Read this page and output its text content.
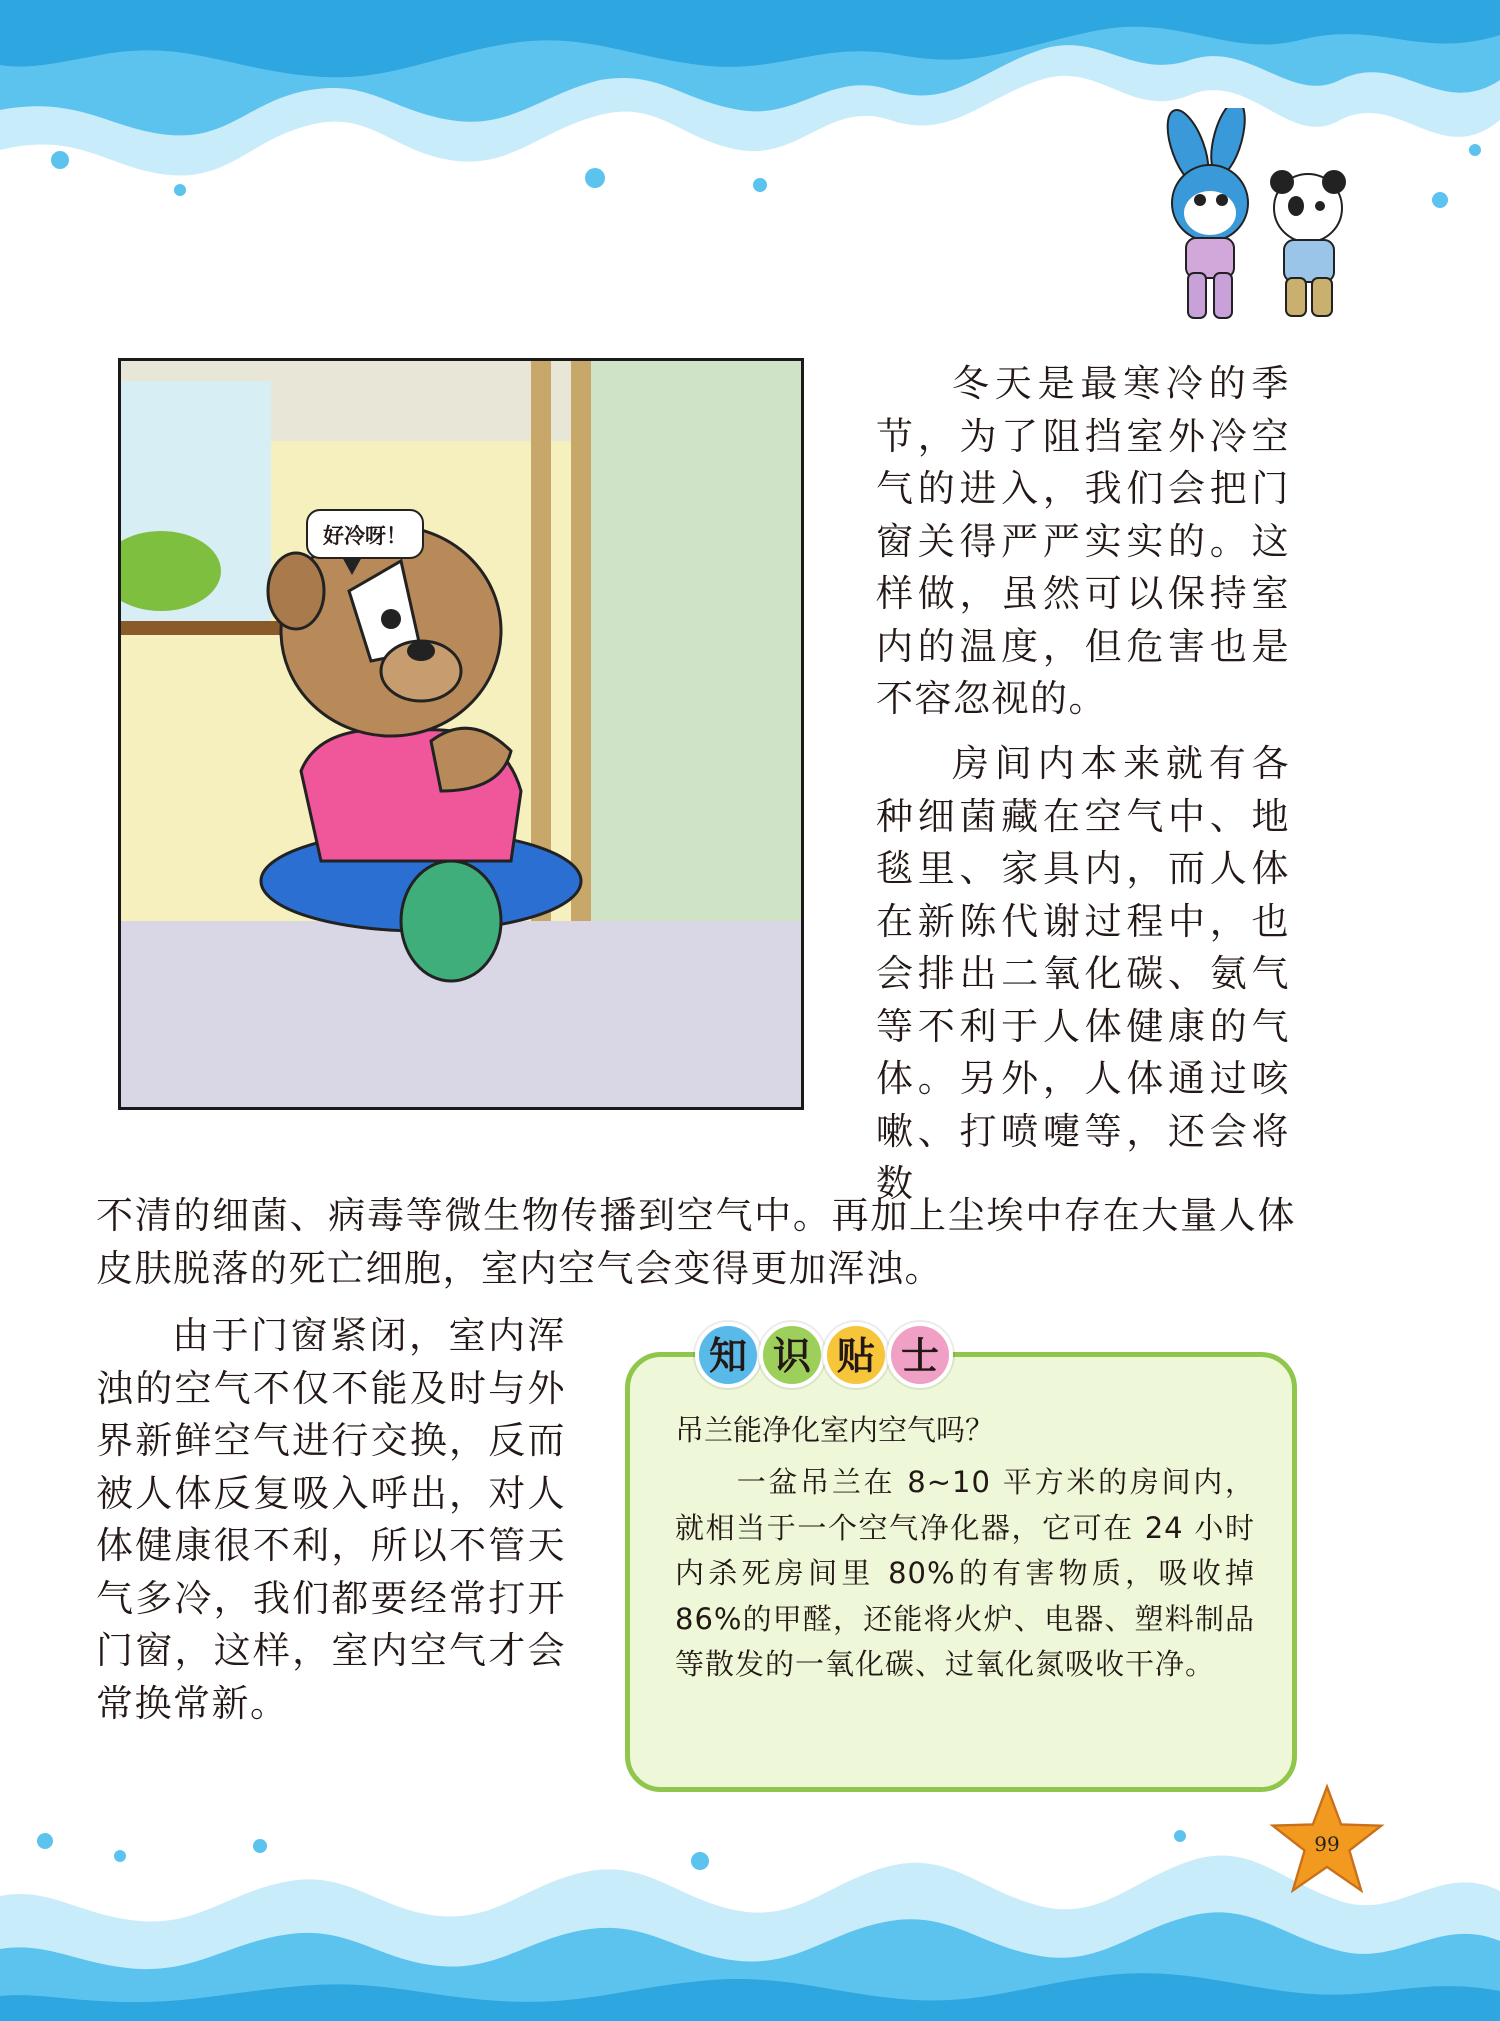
好冷呀！
冬天是最寒冷的季节，为了阻挡室外冷空气的进入，我们会把门窗关得严严实实的。这样做，虽然可以保持室内的温度，但危害也是不容忽视的。
房间内本来就有各种细菌藏在空气中、地毯里、家具内，而人体在新陈代谢过程中，也会排出二氧化碳、氨气等不利于人体健康的气体。另外，人体通过咳嗽、打喷嚏等，还会将数
不清的细菌、病毒等微生物传播到空气中。再加上尘埃中存在大量人体皮肤脱落的死亡细胞，室内空气会变得更加浑浊。
由于门窗紧闭，室内浑浊的空气不仅不能及时与外界新鲜空气进行交换，反而被人体反复吸入呼出，对人体健康很不利，所以不管天气多冷，我们都要经常打开门窗，这样，室内空气才会常换常新。
知 识 贴 士
吊兰能净化室内空气吗？
一盆吊兰在 8~10 平方米的房间内，就相当于一个空气净化器，它可在 24 小时内杀死房间里 80%的有害物质，吸收掉 86%的甲醛，还能将火炉、电器、塑料制品等散发的一氧化碳、过氧化氮吸收干净。
99
